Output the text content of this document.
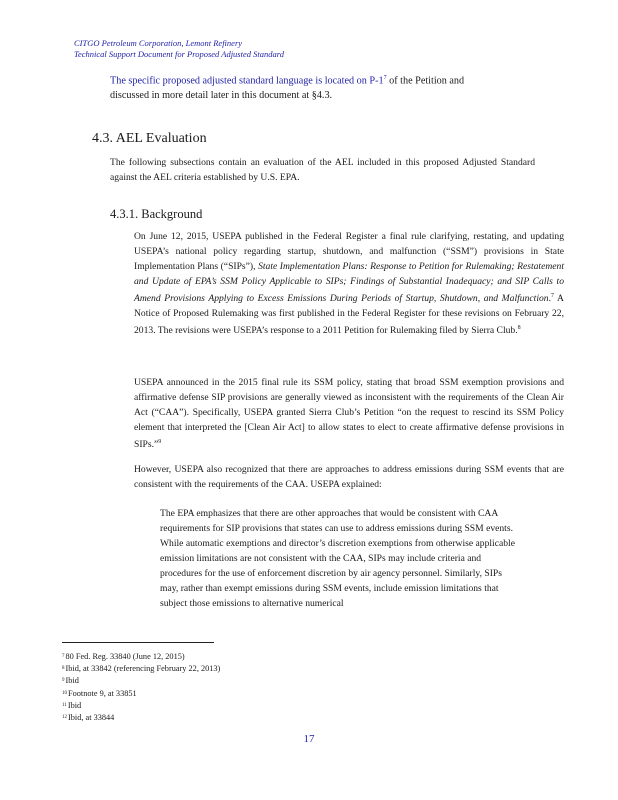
CITGO Petroleum Corporation, Lemont Refinery
Technical Support Document for Proposed Adjusted Standard
The specific proposed adjusted standard language is located on P-1$^7$ of the Petition and
discussed in more detail later in this document at §4.3.
4.3. AEL Evaluation
The following subsections contain an evaluation of the AEL included in this proposed Adjusted Standard against the AEL criteria established by U.S. EPA.
4.3.1. Background
On June 12, 2015, USEPA published in the Federal Register a final rule clarifying, restating, and updating USEPA’s national policy regarding startup, shutdown, and malfunction (“SSM”) provisions in State Implementation Plans (“SIPs”), State Implementation Plans: Response to Petition for Rulemaking; Restatement and Update of EPA’s SSM Policy Applicable to SIPs; Findings of Substantial Inadequacy; and SIP Calls to Amend Provisions Applying to Excess Emissions During Periods of Startup, Shutdown, and Malfunction.$^7$ A Notice of Proposed Rulemaking was first published in the Federal Register for these revisions on February 22, 2013. The revisions were USEPA’s response to a 2011 Petition for Rulemaking filed by Sierra Club.$^8$
USEPA announced in the 2015 final rule its SSM policy, stating that broad SSM exemption provisions and affirmative defense SIP provisions are generally viewed as inconsistent with the requirements of the Clean Air Act (“CAA”). Specifically, USEPA granted Sierra Club’s Petition “on the request to rescind its SSM Policy element that interpreted the [Clean Air Act] to allow states to elect to create affirmative defense provisions in SIPs.”$^9$
However, USEPA also recognized that there are approaches to address emissions during SSM events that are consistent with the requirements of the CAA. USEPA explained:
The EPA emphasizes that there are other approaches that would be consistent with CAA requirements for SIP provisions that states can use to address emissions during SSM events. While automatic exemptions and director’s discretion exemptions from otherwise applicable emission limitations are not consistent with the CAA, SIPs may include criteria and procedures for the use of enforcement discretion by air agency personnel. Similarly, SIPs may, rather than exempt emissions during SSM events, include emission limitations that subject those emissions to alternative numerical
$^7$80 Fed. Reg. 33840 (June 12, 2015)
$^8$Ibid, at 33842 (referencing February 22, 2013)
$^9$Ibid
$^{10}$Footnote 9, at 33851
$^{11}$Ibid
$^{12}$Ibid, at 33844
17
